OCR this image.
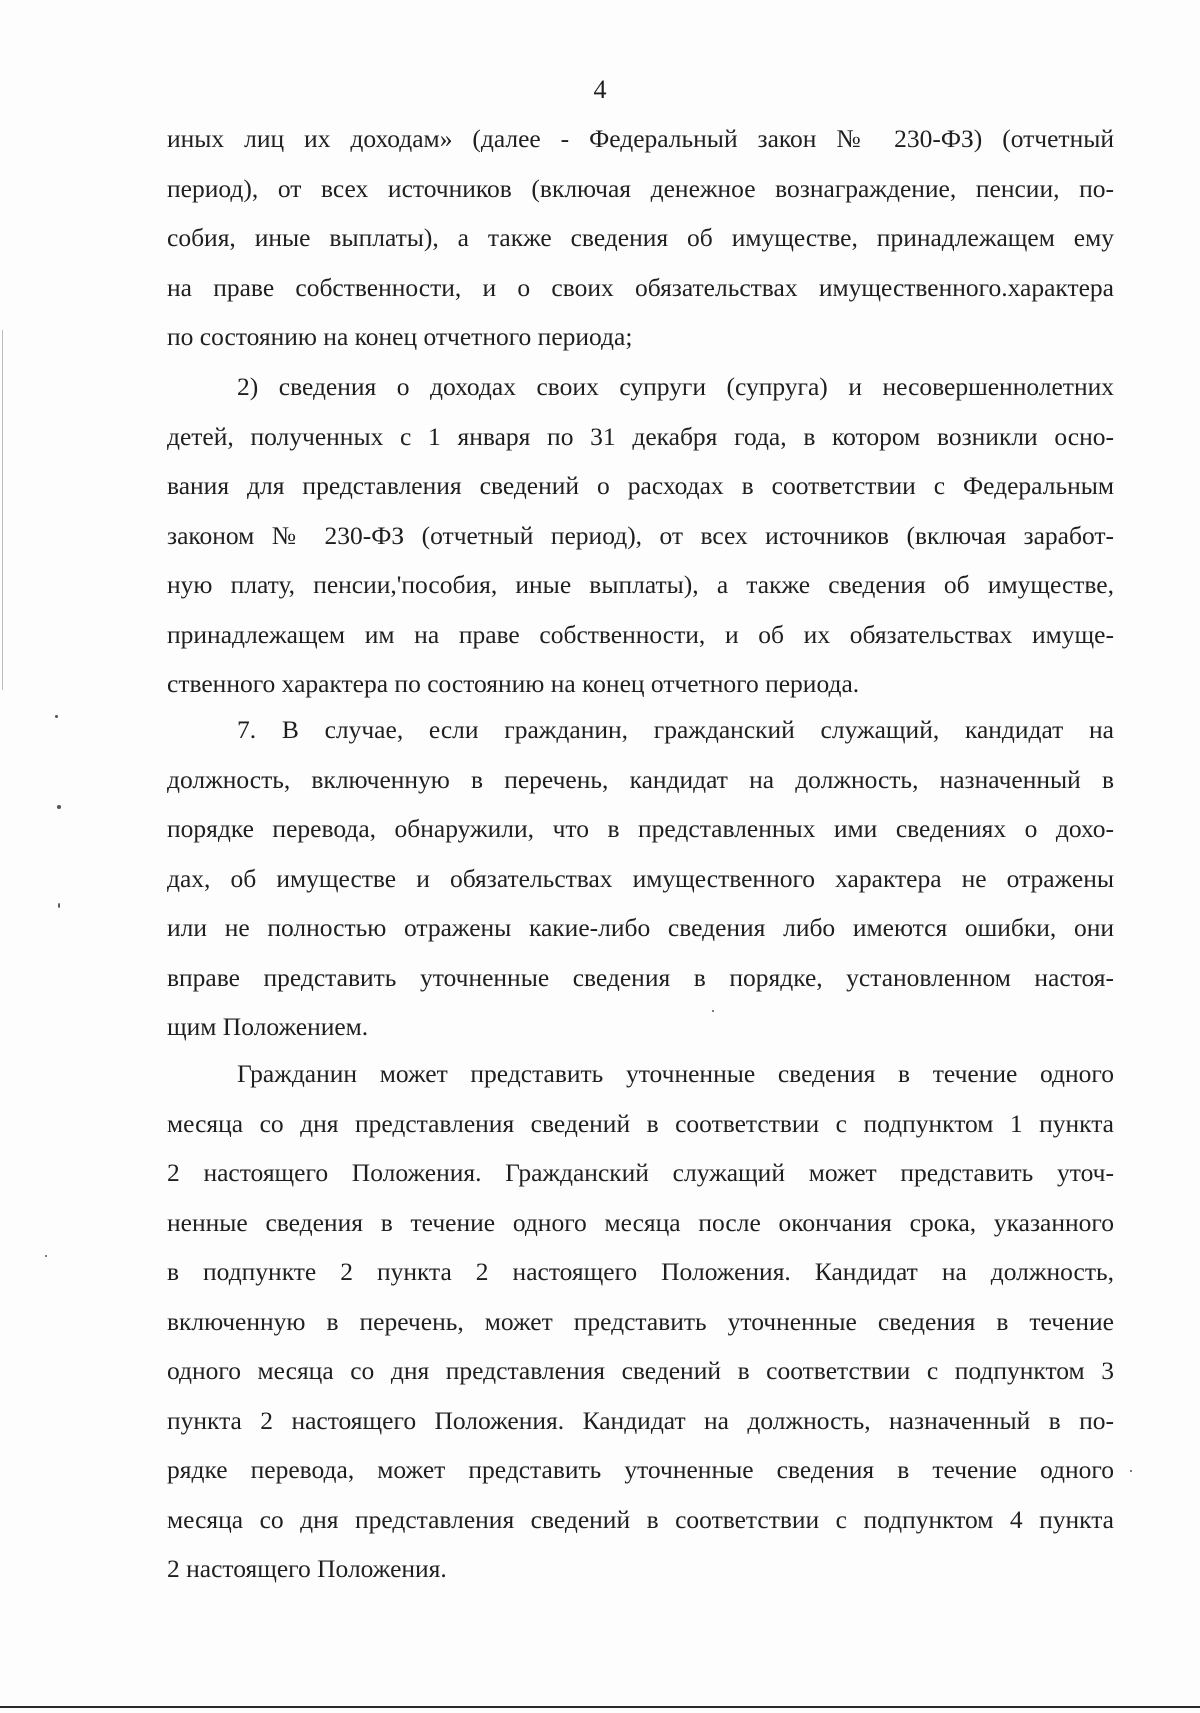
4
иных лиц их доходам» (далее - Федеральный закон № 230-ФЗ) (отчетный
период), от всех источников (включая денежное вознаграждение, пенсии, по-
собия, иные выплаты), а также сведения об имуществе, принадлежащем ему
на праве собственности, и о своих обязательствах имущественного.характера
по состоянию на конец отчетного периода;
2) сведения о доходах своих супруги (супруга) и несовершеннолетних
детей, полученных с 1 января по 31 декабря года, в котором возникли осно-
вания для представления сведений о расходах в соответствии с Федеральным
законом № 230-ФЗ (отчетный период), от всех источников (включая заработ-
ную плату, пенсии,'пособия, иные выплаты), а также сведения об имуществе,
принадлежащем им на праве собственности, и об их обязательствах имуще-
ственного характера по состоянию на конец отчетного периода.
7. В случае, если гражданин, гражданский служащий, кандидат на
должность, включенную в перечень, кандидат на должность, назначенный в
порядке перевода, обнаружили, что в представленных ими сведениях о дохо-
дах, об имуществе и обязательствах имущественного характера не отражены
или не полностью отражены какие-либо сведения либо имеются ошибки, они
вправе представить уточненные сведения в порядке, установленном настоя-
щим Положением.
Гражданин может представить уточненные сведения в течение одного
месяца со дня представления сведений в соответствии с подпунктом 1 пункта
2 настоящего Положения. Гражданский служащий может представить уточ-
ненные сведения в течение одного месяца после окончания срока, указанного
в подпункте 2 пункта 2 настоящего Положения. Кандидат на должность,
включенную в перечень, может представить уточненные сведения в течение
одного месяца со дня представления сведений в соответствии с подпунктом 3
пункта 2 настоящего Положения. Кандидат на должность, назначенный в по-
рядке перевода, может представить уточненные сведения в течение одного
месяца со дня представления сведений в соответствии с подпунктом 4 пункта
2 настоящего Положения.
